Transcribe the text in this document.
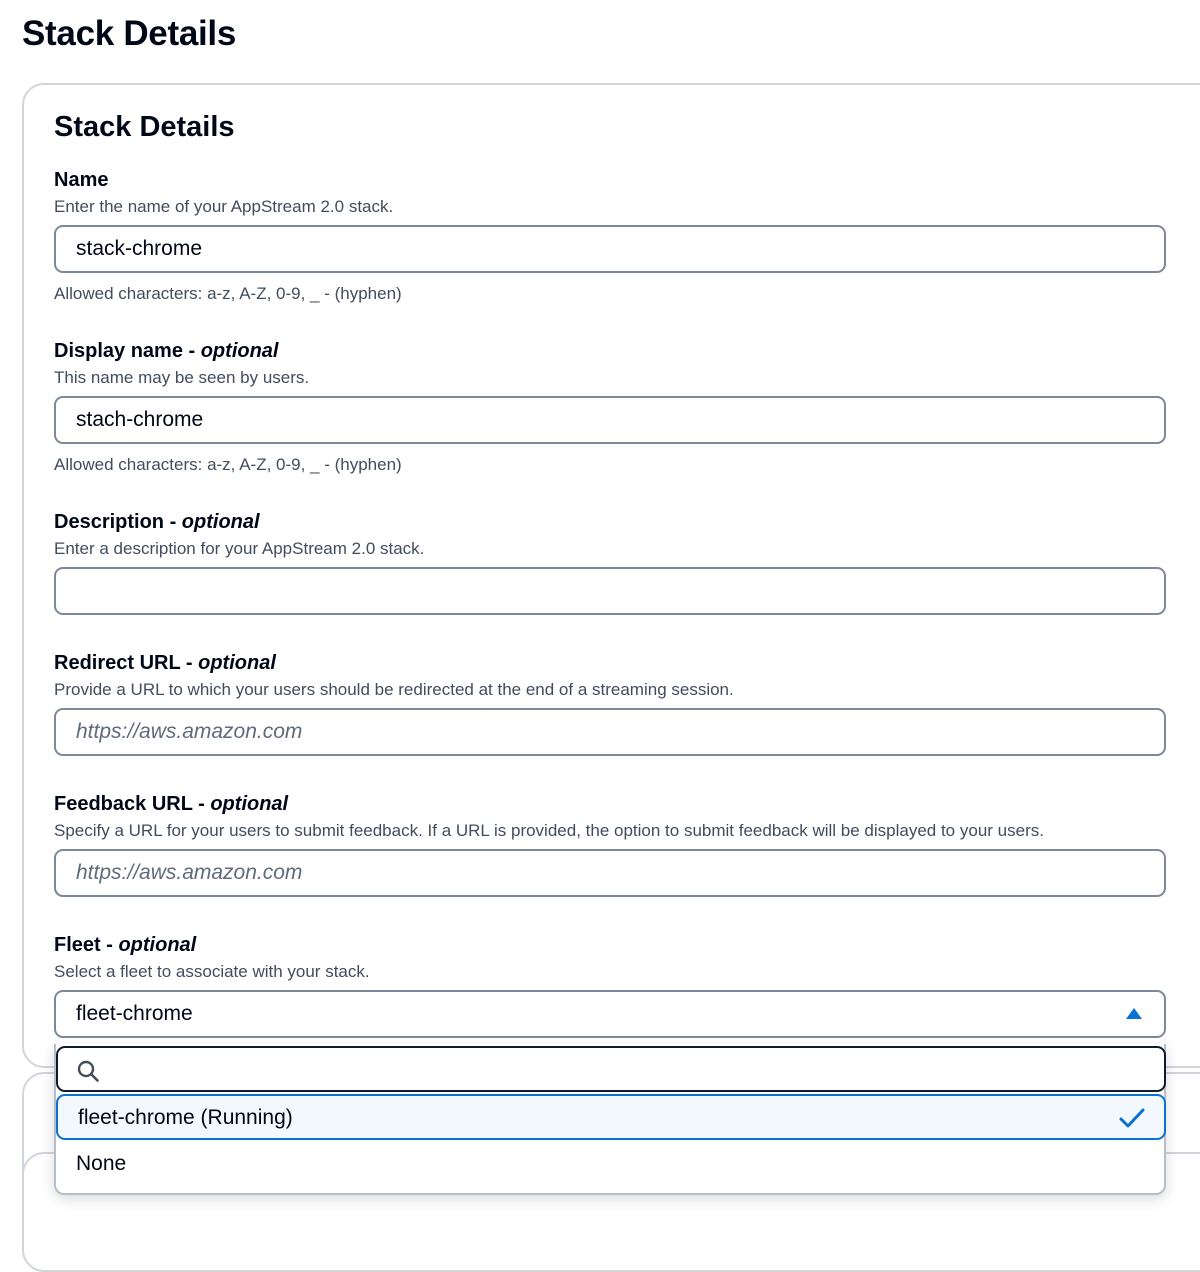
Stack Details
Stack Details
Name
Enter the name of your AppStream 2.0 stack.
stack-chrome
Allowed characters: a-z, A-Z, 0-9, _ - (hyphen)
Display name - optional
This name may be seen by users.
stach-chrome
Allowed characters: a-z, A-Z, 0-9, _ - (hyphen)
Description - optional
Enter a description for your AppStream 2.0 stack.
Redirect URL - optional
Provide a URL to which your users should be redirected at the end of a streaming session.
https://aws.amazon.com
Feedback URL - optional
Specify a URL for your users to submit feedback. If a URL is provided, the option to submit feedback will be displayed to your users.
https://aws.amazon.com
Fleet - optional
Select a fleet to associate with your stack.
fleet-chrome
fleet-chrome (Running)
None
